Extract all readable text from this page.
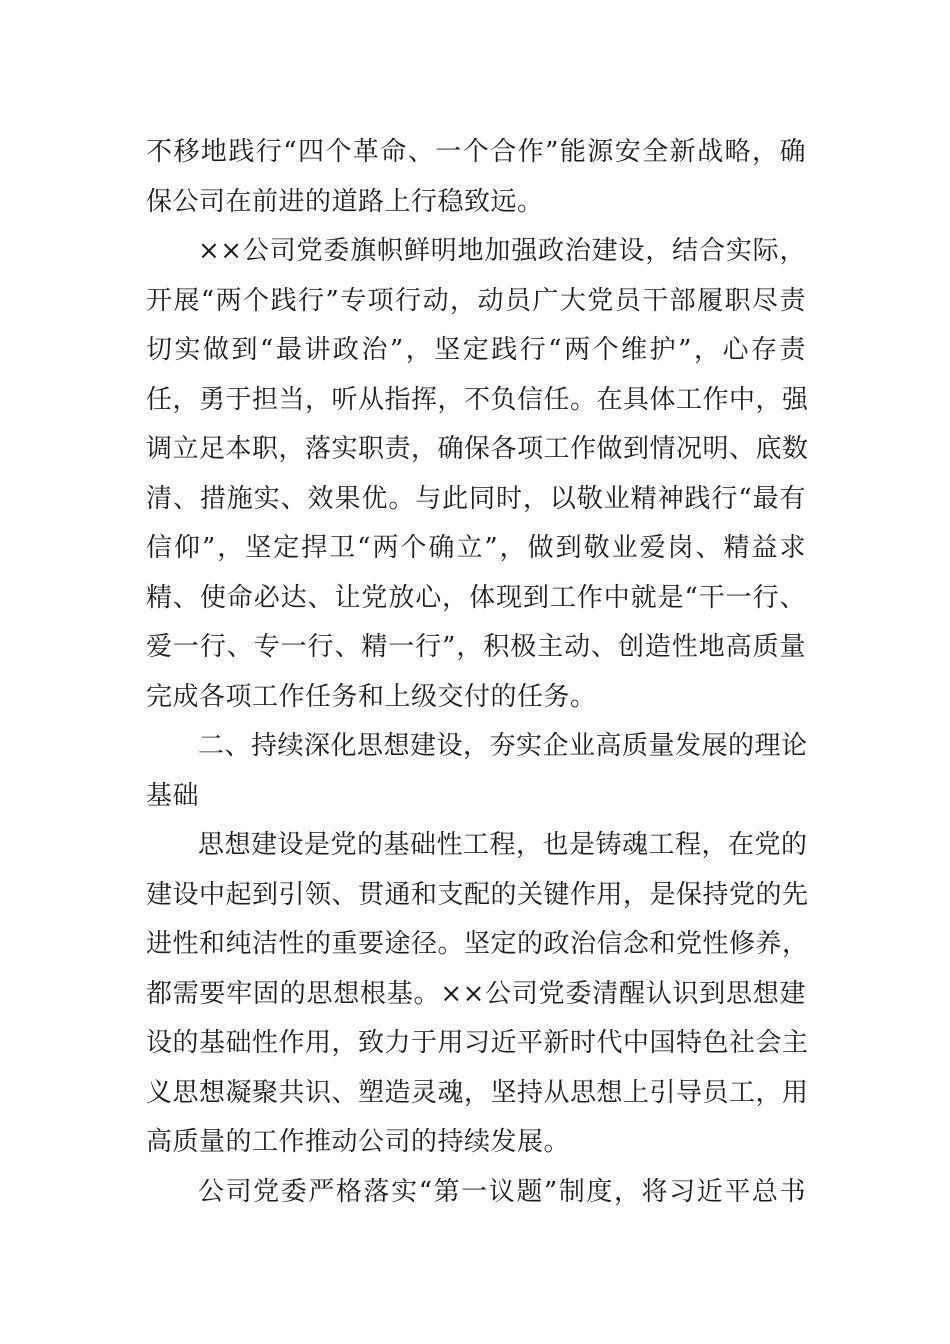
不移地践行“四个革命、一个合作”能源安全新战略，确
保公司在前进的道路上行稳致远。
××公司党委旗帜鲜明地加强政治建设，结合实际，
开展“两个践行”专项行动，动员广大党员干部履职尽责
切实做到“最讲政治”，坚定践行“两个维护”，心存责
任，勇于担当，听从指挥，不负信任。在具体工作中，强
调立足本职，落实职责，确保各项工作做到情况明、底数
清、措施实、效果优。与此同时，以敬业精神践行“最有
信仰”，坚定捍卫“两个确立”，做到敬业爱岗、精益求
精、使命必达、让党放心，体现到工作中就是“干一行、
爱一行、专一行、精一行”，积极主动、创造性地高质量
完成各项工作任务和上级交付的任务。
二、持续深化思想建设，夯实企业高质量发展的理论
基础
思想建设是党的基础性工程，也是铸魂工程，在党的
建设中起到引领、贯通和支配的关键作用，是保持党的先
进性和纯洁性的重要途径。坚定的政治信念和党性修养，
都需要牢固的思想根基。××公司党委清醒认识到思想建
设的基础性作用，致力于用习近平新时代中国特色社会主
义思想凝聚共识、塑造灵魂，坚持从思想上引导员工，用
高质量的工作推动公司的持续发展。
公司党委严格落实“第一议题”制度，将习近平总书
